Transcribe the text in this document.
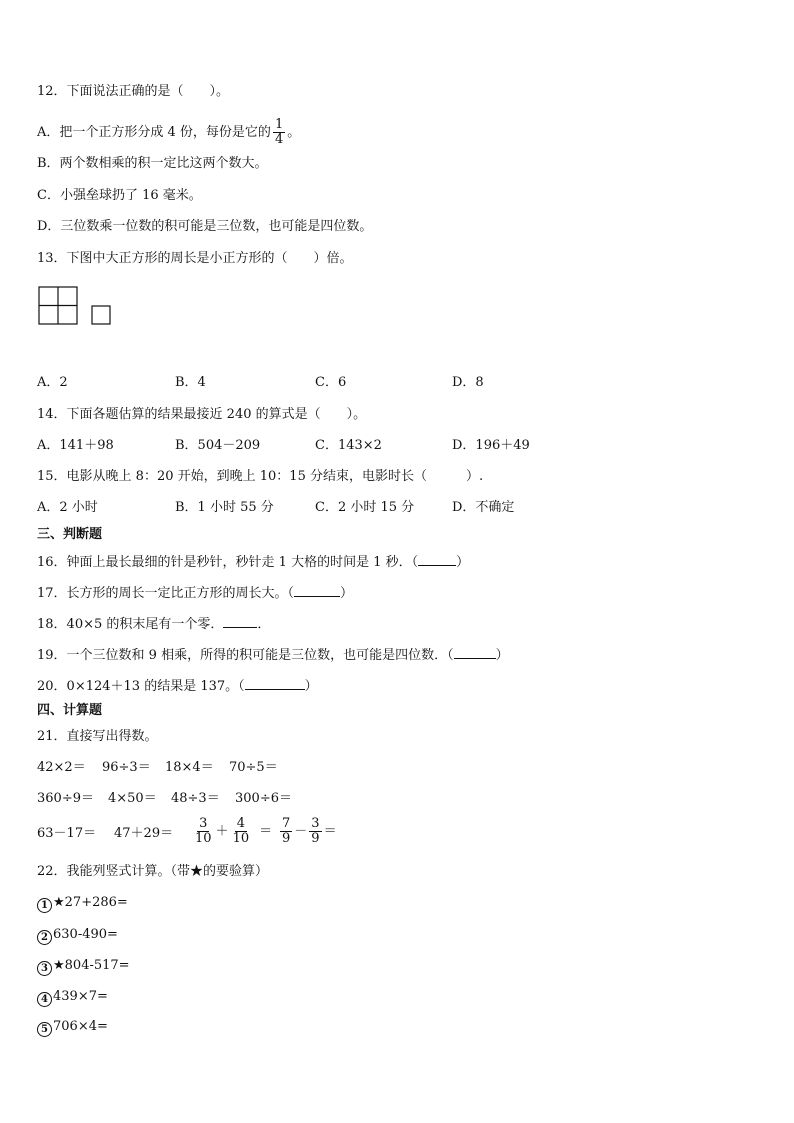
12．下面说法正确的是（　　）。
A．把一个正方形分成 4 份，每份是它的 $\frac{1}{4}$ 。
B．两个数相乘的积一定比这两个数大。
C．小强垒球扔了 16 毫米。
D．三位数乘一位数的积可能是三位数，也可能是四位数。
13．下图中大正方形的周长是小正方形的（　　）倍。
A．2	B．4	C．6	D．8
14．下面各题估算的结果最接近 240 的算式是（　　）。
A．141＋98	B．504－209	C．143×2	D．196＋49
15．电影从晚上 8：20 开始，到晚上 10：15 分结束，电影时长（　　　）.
A．2 小时	B．1 小时 55 分	C．2 小时 15 分	D．不确定
三、判断题
16．钟面上最长最细的针是秒针，秒针走 1 大格的时间是 1 秒．（	）
17．长方形的周长一定比正方形的周长大。（	）
18．40×5 的积末尾有一个零．	．
19．一个三位数和 9 相乘，所得的积可能是三位数，也可能是四位数．（	）
20．0×124＋13 的结果是 137。（	）
四、计算题
21．直接写出得数。
42×2＝ 96÷3＝ 18×4＝ 70÷5＝
360÷9＝ 4×50＝ 48÷3＝ 300÷6＝
$63-17= 47+29= \frac{3}{10} + \frac{4}{10} = \frac{7}{9} - \frac{3}{9}$ ＝
22．我能列竖式计算。（带★的要验算）
1 ★27+286=
2 630-490=
3 ★804-517=
4 439×7=
5 706×4=
